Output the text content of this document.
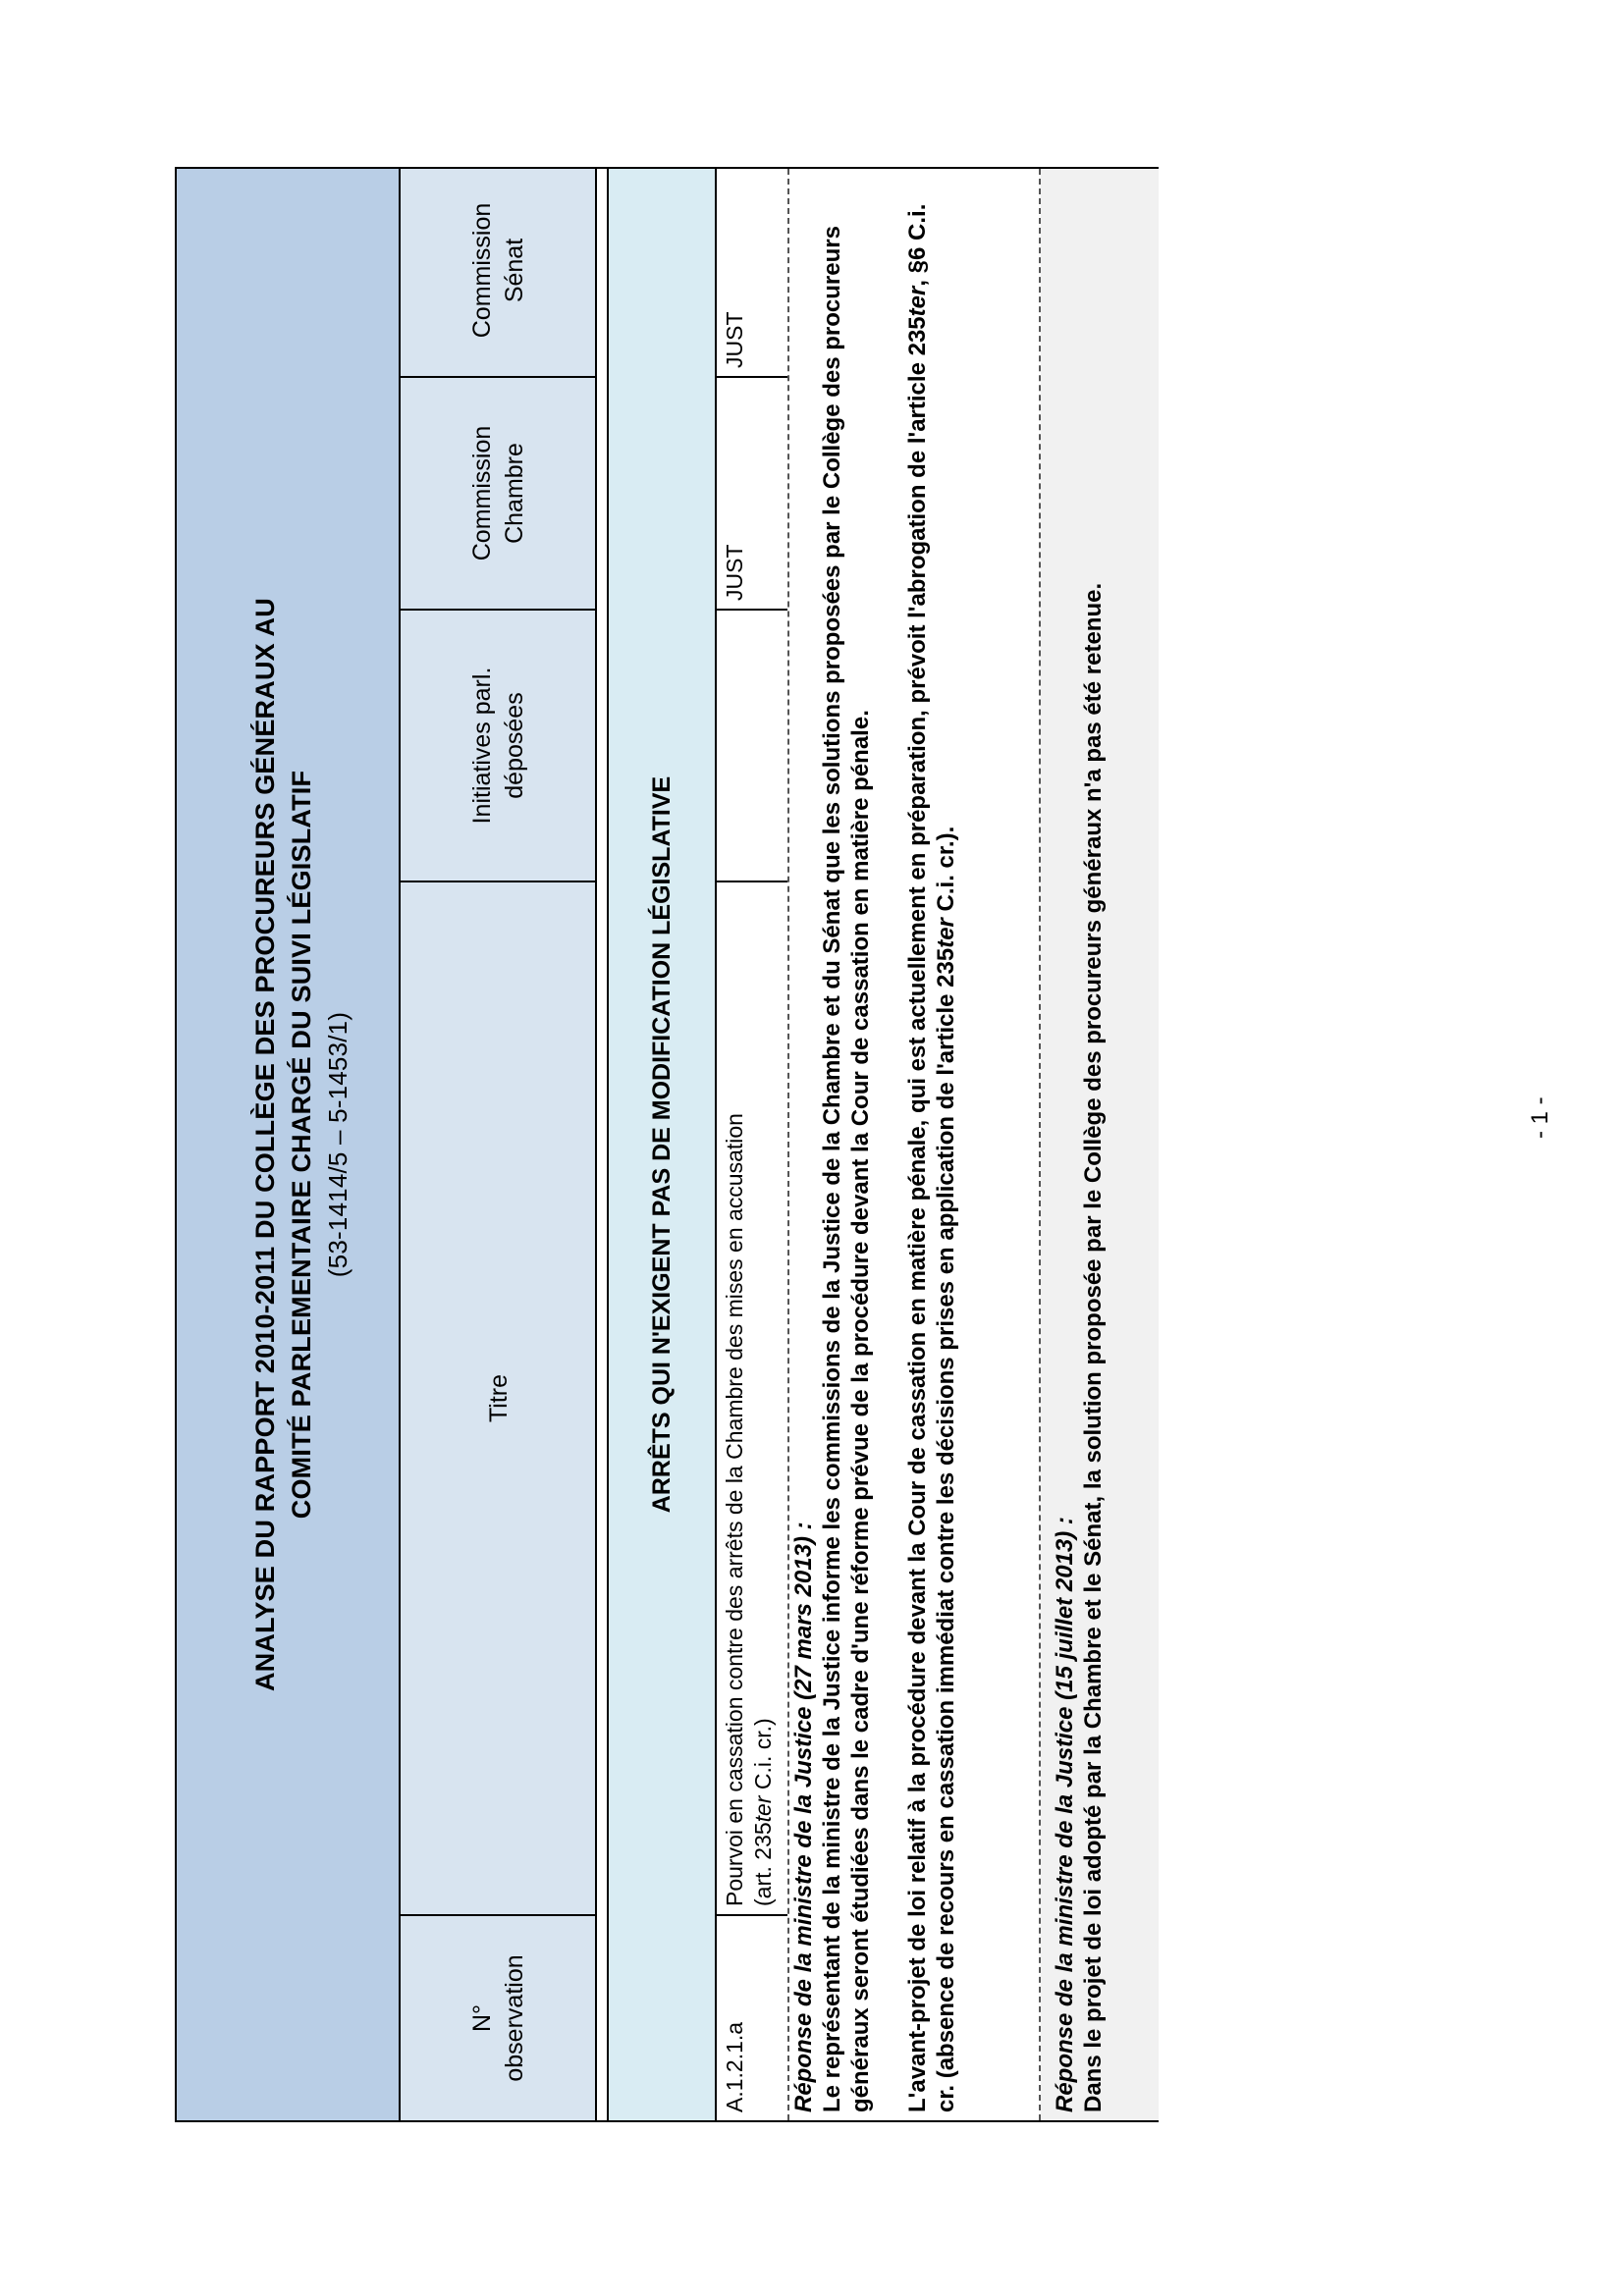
ANALYSE DU RAPPORT 2010-2011 DU COLLÈGE DES PROCUREURS GÉNÉRAUX AU COMITÉ PARLEMENTAIRE CHARGÉ DU SUIVI LÉGISLATIF (53-1414/5 – 5-1453/1)
N° observation
Titre
Initiatives parl. déposées
Commission Chambre
Commission Sénat
ARRÊTS QUI N'EXIGENT PAS DE MODIFICATION LÉGISLATIVE
A.1.2.1.a
Pourvoi en cassation contre des arrêts de la Chambre des mises en accusation (art. 235ter C.i. cr.)
JUST
JUST
Réponse de la ministre de la Justice (27 mars 2013) : Le représentant de la ministre de la Justice informe les commissions de la Justice de la Chambre et du Sénat que les solutions proposées par le Collège des procureurs généraux seront étudiées dans le cadre d'une réforme prévue de la procédure devant la Cour de cassation en matière pénale. L'avant-projet de loi relatif à la procédure devant la Cour de cassation en matière pénale, qui est actuellement en préparation, prévoit l'abrogation de l'article 235ter, §6 C.i. cr. (absence de recours en cassation immédiat contre les décisions prises en application de l'article 235ter C.i. cr.).
Réponse de la ministre de la Justice (15 juillet 2013) : Dans le projet de loi adopté par la Chambre et le Sénat, la solution proposée par le Collège des procureurs généraux n'a pas été retenue.	- 1 -
